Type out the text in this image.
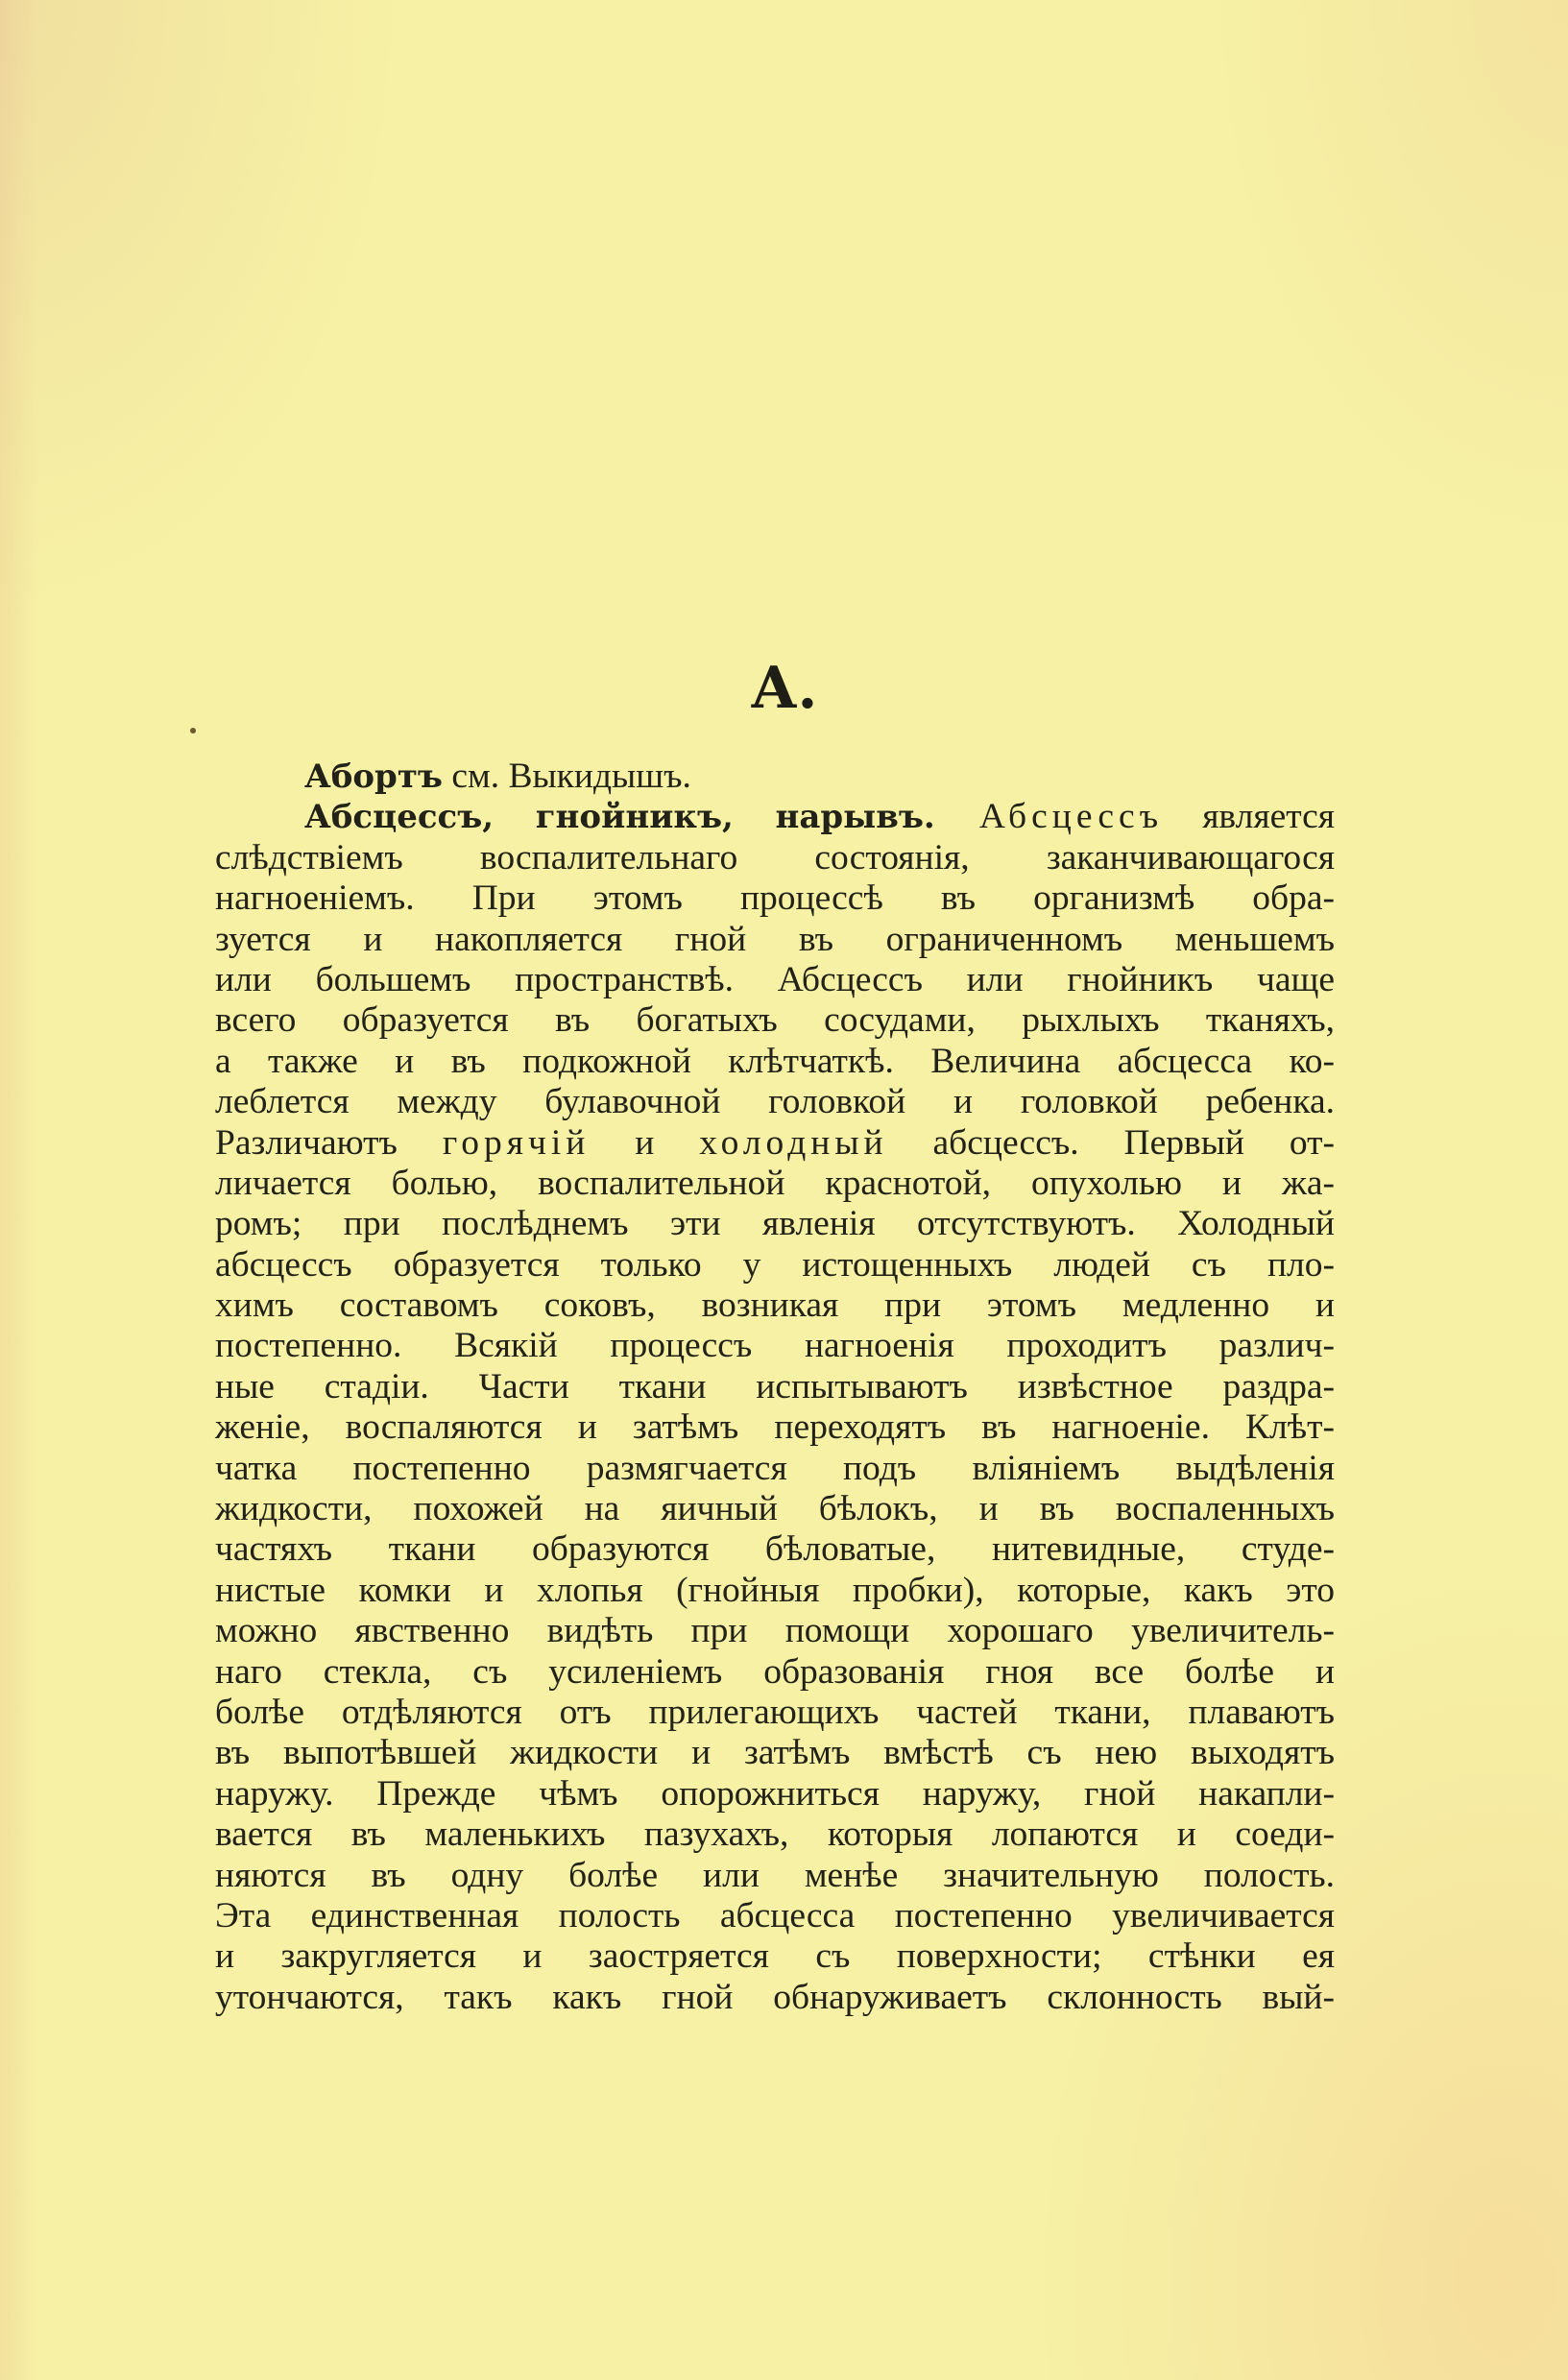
А.
Абортъ см. Выкидышъ.
Абсцессъ, гнойникъ, нарывъ. Абсцессъ является
слѣдствіемъ воспалительнаго состоянія, заканчивающагося
нагноеніемъ. При этомъ процессѣ въ организмѣ обра-
зуется и накопляется гной въ ограниченномъ меньшемъ
или большемъ пространствѣ. Абсцессъ или гнойникъ чаще
всего образуется въ богатыхъ сосудами, рыхлыхъ тканяхъ,
а также и въ подкожной клѣтчаткѣ. Величина абсцесса ко-
леблется между булавочной головкой и головкой ребенка.
Различаютъ горячій и холодный абсцессъ. Первый от-
личается болью, воспалительной краснотой, опухолью и жа-
ромъ; при послѣднемъ эти явленія отсутствуютъ. Холодный
абсцессъ образуется только у истощенныхъ людей съ пло-
химъ составомъ соковъ, возникая при этомъ медленно и
постепенно. Всякій процессъ нагноенія проходитъ различ-
ные стадіи. Части ткани испытываютъ извѣстное раздра-
женіе, воспаляются и затѣмъ переходятъ въ нагноеніе. Клѣт-
чатка постепенно размягчается подъ вліяніемъ выдѣленія
жидкости, похожей на яичный бѣлокъ, и въ воспаленныхъ
частяхъ ткани образуются бѣловатые, нитевидные, студе-
нистые комки и хлопья (гнойныя пробки), которые, какъ это
можно явственно видѣть при помощи хорошаго увеличитель-
наго стекла, съ усиленіемъ образованія гноя все болѣе и
болѣе отдѣляются отъ прилегающихъ частей ткани, плаваютъ
въ выпотѣвшей жидкости и затѣмъ вмѣстѣ съ нею выходятъ
наружу. Прежде чѣмъ опорожниться наружу, гной накапли-
вается въ маленькихъ пазухахъ, которыя лопаются и соеди-
няются въ одну болѣе или менѣе значительную полость.
Эта единственная полость абсцесса постепенно увеличивается
и закругляется и заостряется съ поверхности; стѣнки ея
утончаются, такъ какъ гной обнаруживаетъ склонность вый-
